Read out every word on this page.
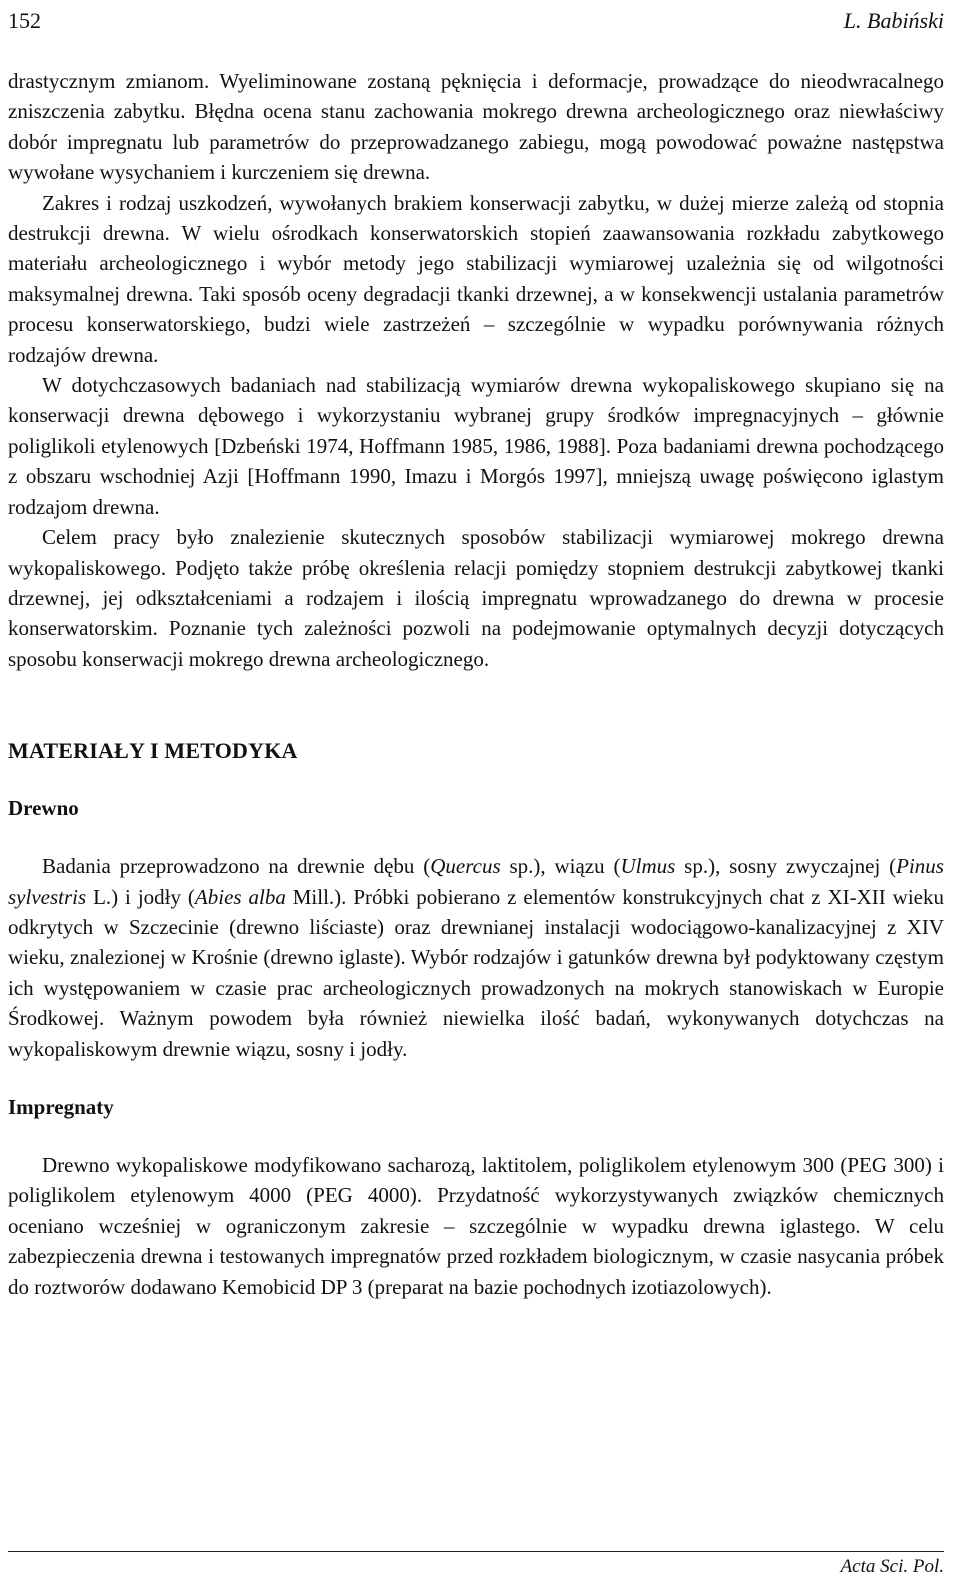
152	L. Babiński

drastycznym zmianom. Wyeliminowane zostaną pęknięcia i deformacje, prowadzące do nieodwracalnego zniszczenia zabytku. Błędna ocena stanu zachowania mokrego drewna archeologicznego oraz niewłaściwy dobór impregnatu lub parametrów do przeprowadzanego zabiegu, mogą powodować poważne następstwa wywołane wysychaniem i kurczeniem się drewna.

Zakres i rodzaj uszkodzeń, wywołanych brakiem konserwacji zabytku, w dużej mierze zależą od stopnia destrukcji drewna. W wielu ośrodkach konserwatorskich stopień zaawansowania rozkładu zabytkowego materiału archeologicznego i wybór metody jego stabilizacji wymiarowej uzależnia się od wilgotności maksymalnej drewna. Taki sposób oceny degradacji tkanki drzewnej, a w konsekwencji ustalania parametrów procesu konserwatorskiego, budzi wiele zastrzeżeń – szczególnie w wypadku porównywania różnych rodzajów drewna.

W dotychczasowych badaniach nad stabilizacją wymiarów drewna wykopaliskowego skupiano się na konserwacji drewna dębowego i wykorzystaniu wybranej grupy środków impregnacyjnych – głównie poliglikoli etylenowych [Dzbeński 1974, Hoffmann 1985, 1986, 1988]. Poza badaniami drewna pochodzącego z obszaru wschodniej Azji [Hoffmann 1990, Imazu i Morgós 1997], mniejszą uwagę poświęcono iglastym rodzajom drewna.

Celem pracy było znalezienie skutecznych sposobów stabilizacji wymiarowej mokrego drewna wykopaliskowego. Podjęto także próbę określenia relacji pomiędzy stopniem destrukcji zabytkowej tkanki drzewnej, jej odkształceniami a rodzajem i ilością impregnatu wprowadzanego do drewna w procesie konserwatorskim. Poznanie tych zależności pozwoli na podejmowanie optymalnych decyzji dotyczących sposobu konserwacji mokrego drewna archeologicznego.

MATERIAŁY I METODYKA
Drewno

Badania przeprowadzono na drewnie dębu (Quercus sp.), wiązu (Ulmus sp.), sosny zwyczajnej (Pinus sylvestris L.) i jodły (Abies alba Mill.). Próbki pobierano z elementów konstrukcyjnych chat z XI-XII wieku odkrytych w Szczecinie (drewno liściaste) oraz drewnianej instalacji wodociągowo-kanalizacyjnej z XIV wieku, znalezionej w Krośnie (drewno iglaste). Wybór rodzajów i gatunków drewna był podyktowany częstym ich występowaniem w czasie prac archeologicznych prowadzonych na mokrych stanowiskach w Europie Środkowej. Ważnym powodem była również niewielka ilość badań, wykonywanych dotychczas na wykopaliskowym drewnie wiązu, sosny i jodły.

Impregnaty

Drewno wykopaliskowe modyfikowano sacharozą, laktitolem, poliglikolem etylenowym 300 (PEG 300) i poliglikolem etylenowym 4000 (PEG 4000). Przydatność wykorzystywanych związków chemicznych oceniano wcześniej w ograniczonym zakresie – szczególnie w wypadku drewna iglastego. W celu zabezpieczenia drewna i testowanych impregnatów przed rozkładem biologicznym, w czasie nasycania próbek do roztworów dodawano Kemobicid DP 3 (preparat na bazie pochodnych izotiazolowych).

Acta Sci. Pol.
